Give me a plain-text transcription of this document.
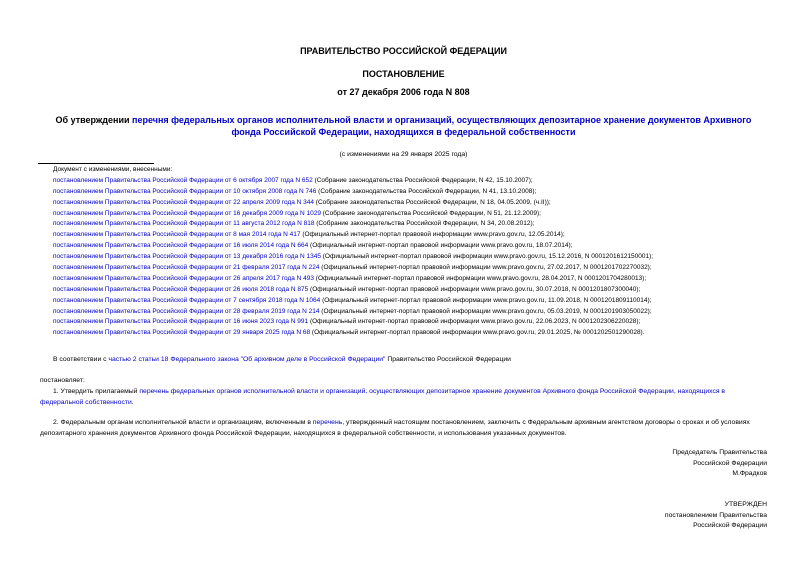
ПРАВИТЕЛЬСТВО РОССИЙСКОЙ ФЕДЕРАЦИИ
ПОСТАНОВЛЕНИЕ
от 27 декабря 2006 года N 808
Об утверждении перечня федеральных органов исполнительной власти и организаций, осуществляющих депозитарное хранение документов Архивного фонда Российской Федерации, находящихся в федеральной собственности
(с изменениями на 29 января 2025 года)
Документ с изменениями, внесенными:
постановлением Правительства Российской Федерации от 6 октября 2007 года N 652 (Собрание законодательства Российской Федерации, N 42, 15.10.2007);
постановлением Правительства Российской Федерации от 10 октября 2008 года N 746 (Собрание законодательства Российской Федерации, N 41, 13.10.2008);
постановлением Правительства Российской Федерации от 22 апреля 2009 года N 344 (Собрание законодательства Российской Федерации, N 18, 04.05.2009, (ч.II));
постановлением Правительства Российской Федерации от 16 декабря 2009 года N 1029 (Собрание законодательства Российской Федерации, N 51, 21.12.2009);
постановлением Правительства Российской Федерации от 11 августа 2012 года N 818 (Собрание законодательства Российской Федерации, N 34, 20.08.2012);
постановлением Правительства Российской Федерации от 8 мая 2014 года N 417 (Официальный интернет-портал правовой информации www.pravo.gov.ru, 12.05.2014);
постановлением Правительства Российской Федерации от 16 июля 2014 года N 664 (Официальный интернет-портал правовой информации www.pravo.gov.ru, 18.07.2014);
постановлением Правительства Российской Федерации от 13 декабря 2016 года N 1345 (Официальный интернет-портал правовой информации www.pravo.gov.ru, 15.12.2016, N 0001201612150001);
постановлением Правительства Российской Федерации от 21 февраля 2017 года N 224 (Официальный интернет-портал правовой информации www.pravo.gov.ru, 27.02.2017, N 0001201702270032);
постановлением Правительства Российской Федерации от 26 апреля 2017 года N 493 (Официальный интернет-портал правовой информации www.pravo.gov.ru, 28.04.2017, N 0001201704280013);
постановлением Правительства Российской Федерации от 26 июля 2018 года N 875 (Официальный интернет-портал правовой информации www.pravo.gov.ru, 30.07.2018, N 0001201807300040);
постановлением Правительства Российской Федерации от 7 сентября 2018 года N 1064 (Официальный интернет-портал правовой информации www.pravo.gov.ru, 11.09.2018, N 0001201809110014);
постановлением Правительства Российской Федерации от 28 февраля 2019 года N 214 (Официальный интернет-портал правовой информации www.pravo.gov.ru, 05.03.2019, N 0001201903050022);
постановлением Правительства Российской Федерации от 16 июня 2023 года N 991 (Официальный интернет-портал правовой информации www.pravo.gov.ru, 22.06.2023, N 0001202306220028);
постановлением Правительства Российской Федерации от 29 января 2025 года N 68 (Официальный интернет-портал правовой информации www.pravo.gov.ru, 29.01.2025, № 0001202501290028).
В соответствии с частью 2 статьи 18 Федерального закона "Об архивном деле в Российской Федерации" Правительство Российской Федерации
постановляет:
1. Утвердить прилагаемый перечень федеральных органов исполнительной власти и организаций, осуществляющих депозитарное хранение документов Архивного фонда Российской Федерации, находящихся в федеральной собственности.
2. Федеральным органам исполнительной власти и организациям, включенным в перечень, утвержденный настоящим постановлением, заключить с Федеральным архивным агентством договоры о сроках и об условиях депозитарного хранения документов Архивного фонда Российской Федерации, находящихся в федеральной собственности, и использования указанных документов.
Председатель Правительства
Российской Федерации
М.Фрадков
УТВЕРЖДЕН
постановлением Правительства
Российской Федерации
